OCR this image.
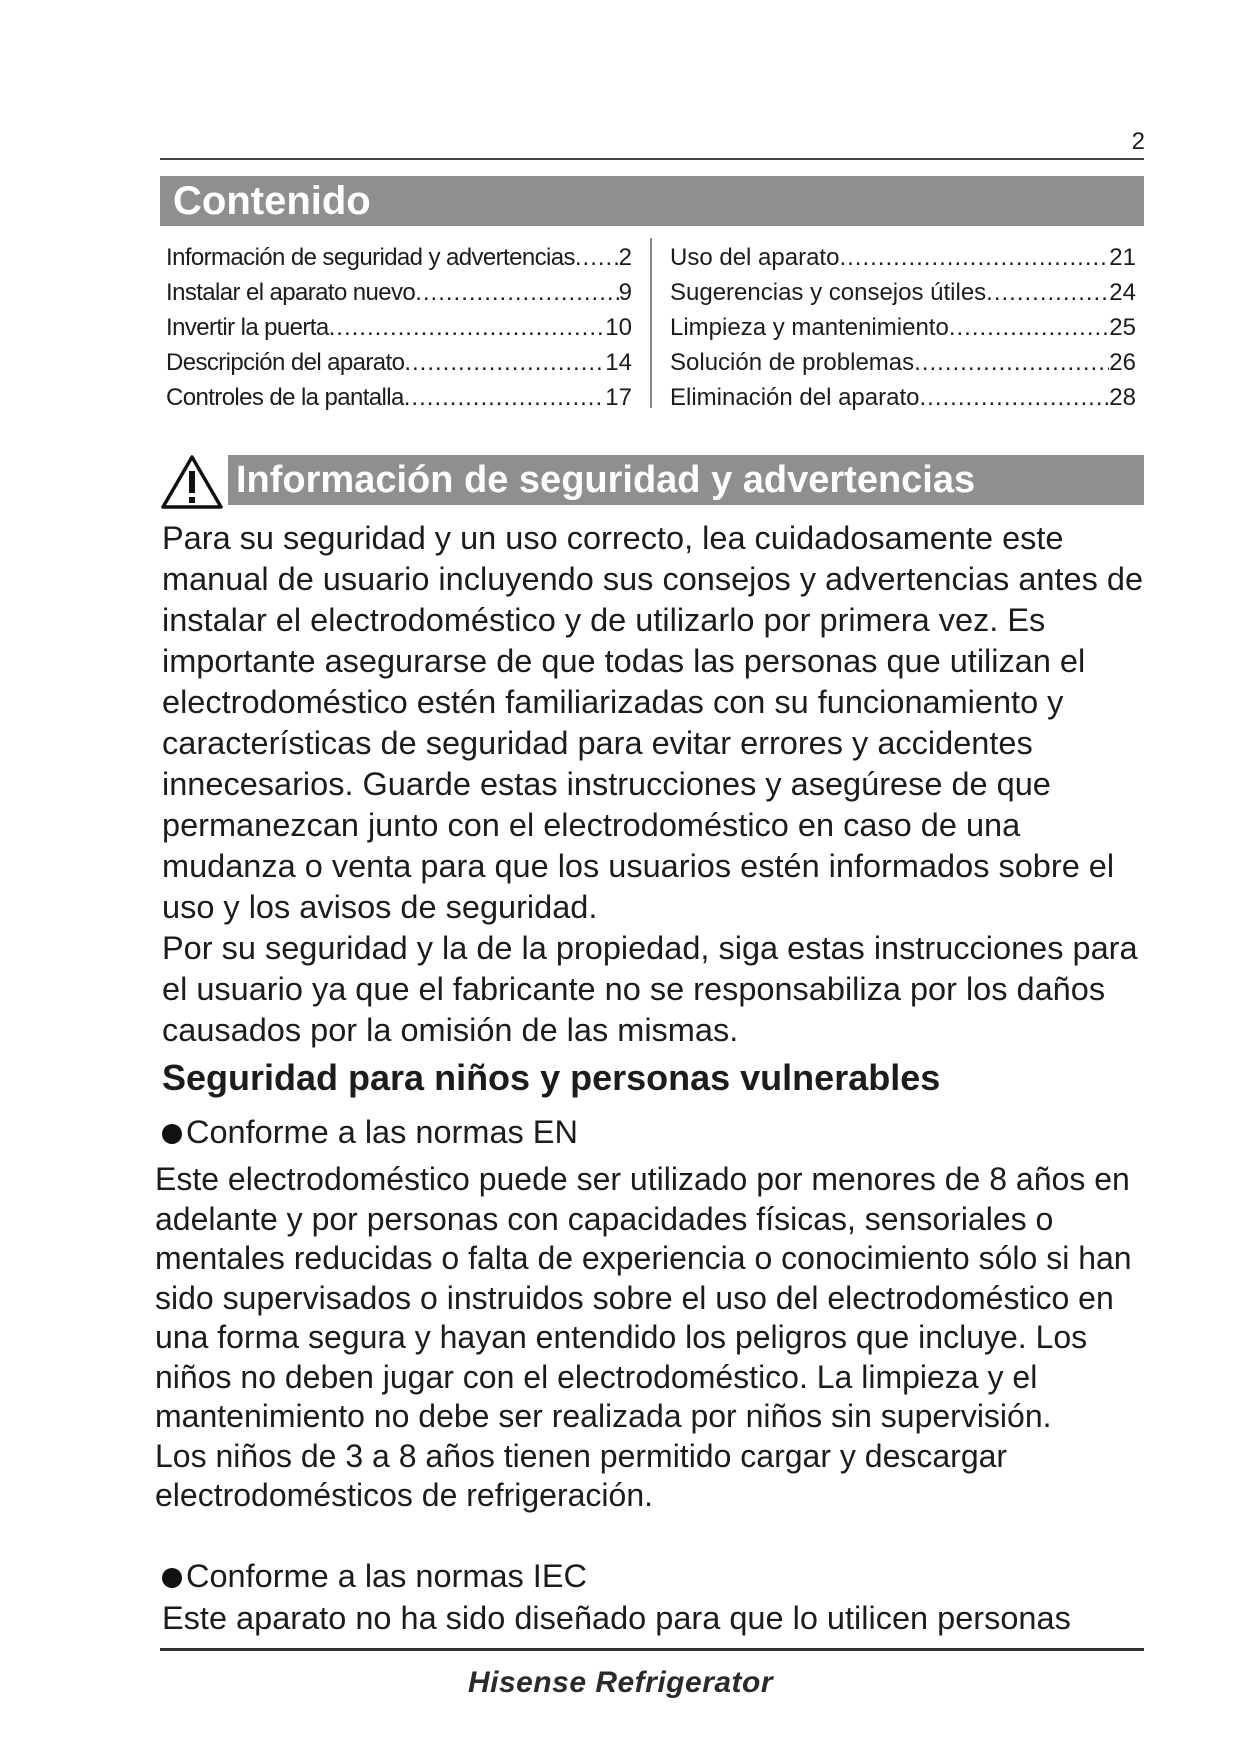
2
Contenido
Información de seguridad y advertencias ..... 2
Instalar el aparato nuevo .....	9
Invertir la puerta .....	10
Descripción del aparato .....	14
Controles de la pantalla .....	17
Uso del aparato .....	21
Sugerencias y consejos útiles .....	24
Limpieza y mantenimiento .....	25
Solución de problemas .....	26
Eliminación del aparato .....	28
Información de seguridad y advertencias

Para su seguridad y un uso correcto, lea cuidadosamente este manual de usuario incluyendo sus consejos y advertencias antes de instalar el electrodoméstico y de utilizarlo por primera vez. Es importante asegurarse de que todas las personas que utilizan el electrodoméstico estén familiarizadas con su funcionamiento y características de seguridad para evitar errores y accidentes innecesarios. Guarde estas instrucciones y asegúrese de que permanezcan junto con el electrodoméstico en caso de una mudanza o venta para que los usuarios estén informados sobre el uso y los avisos de seguridad.

Por su seguridad y la de la propiedad, siga estas instrucciones para el usuario ya que el fabricante no se responsabiliza por los daños causados por la omisión de las mismas.

Seguridad para niños y personas vulnerables
Conforme a las normas EN

Este electrodoméstico puede ser utilizado por menores de 8 años en adelante y por personas con capacidades físicas, sensoriales o mentales reducidas o falta de experiencia o conocimiento sólo si han sido supervisados o instruidos sobre el uso del electrodoméstico en una forma segura y hayan entendido los peligros que incluye. Los niños no deben jugar con el electrodoméstico. La limpieza y el mantenimiento no debe ser realizada por niños sin supervisión.

Los niños de 3 a 8 años tienen permitido cargar y descargar electrodomésticos de refrigeración.

Conforme a las normas IEC
Este aparato no ha sido diseñado para que lo utilicen personas
Hisense Refrigerator
